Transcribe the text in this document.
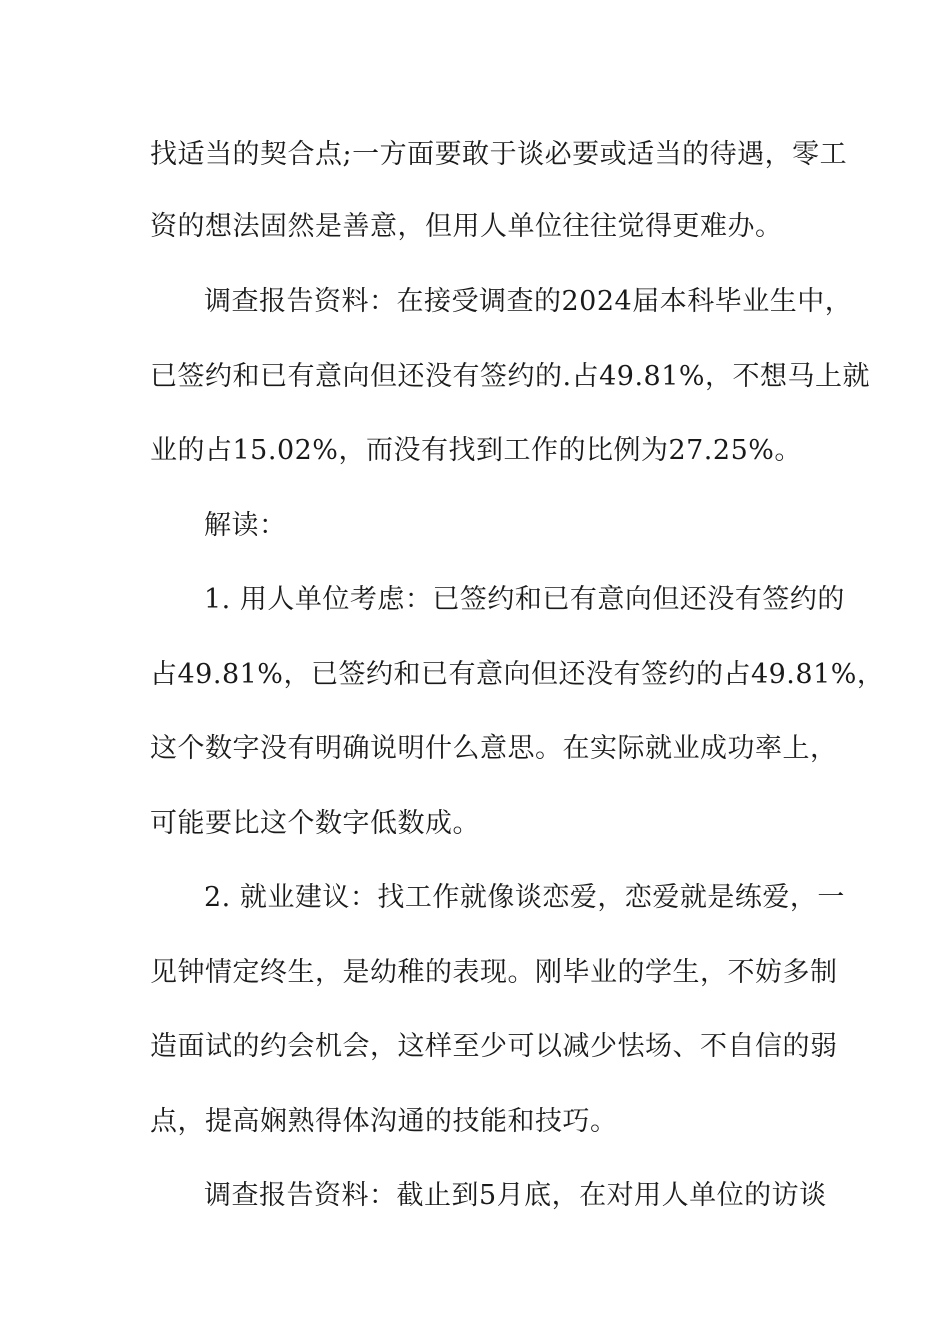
找适当的契合点;一方面要敢于谈必要或适当的待遇，零工
资的想法固然是善意，但用人单位往往觉得更难办。
调查报告资料：在接受调查的2024届本科毕业生中，
已签约和已有意向但还没有签约的.占49.81%，不想马上就
业的占15.02%，而没有找到工作的比例为27.25%。
解读：
1. 用人单位考虑：已签约和已有意向但还没有签约的
占49.81%，已签约和已有意向但还没有签约的占49.81%，
这个数字没有明确说明什么意思。在实际就业成功率上，
可能要比这个数字低数成。
2. 就业建议：找工作就像谈恋爱，恋爱就是练爱，一
见钟情定终生，是幼稚的表现。刚毕业的学生，不妨多制
造面试的约会机会，这样至少可以减少怯场、不自信的弱
点，提高娴熟得体沟通的技能和技巧。
调查报告资料：截止到5月底，在对用人单位的访谈
